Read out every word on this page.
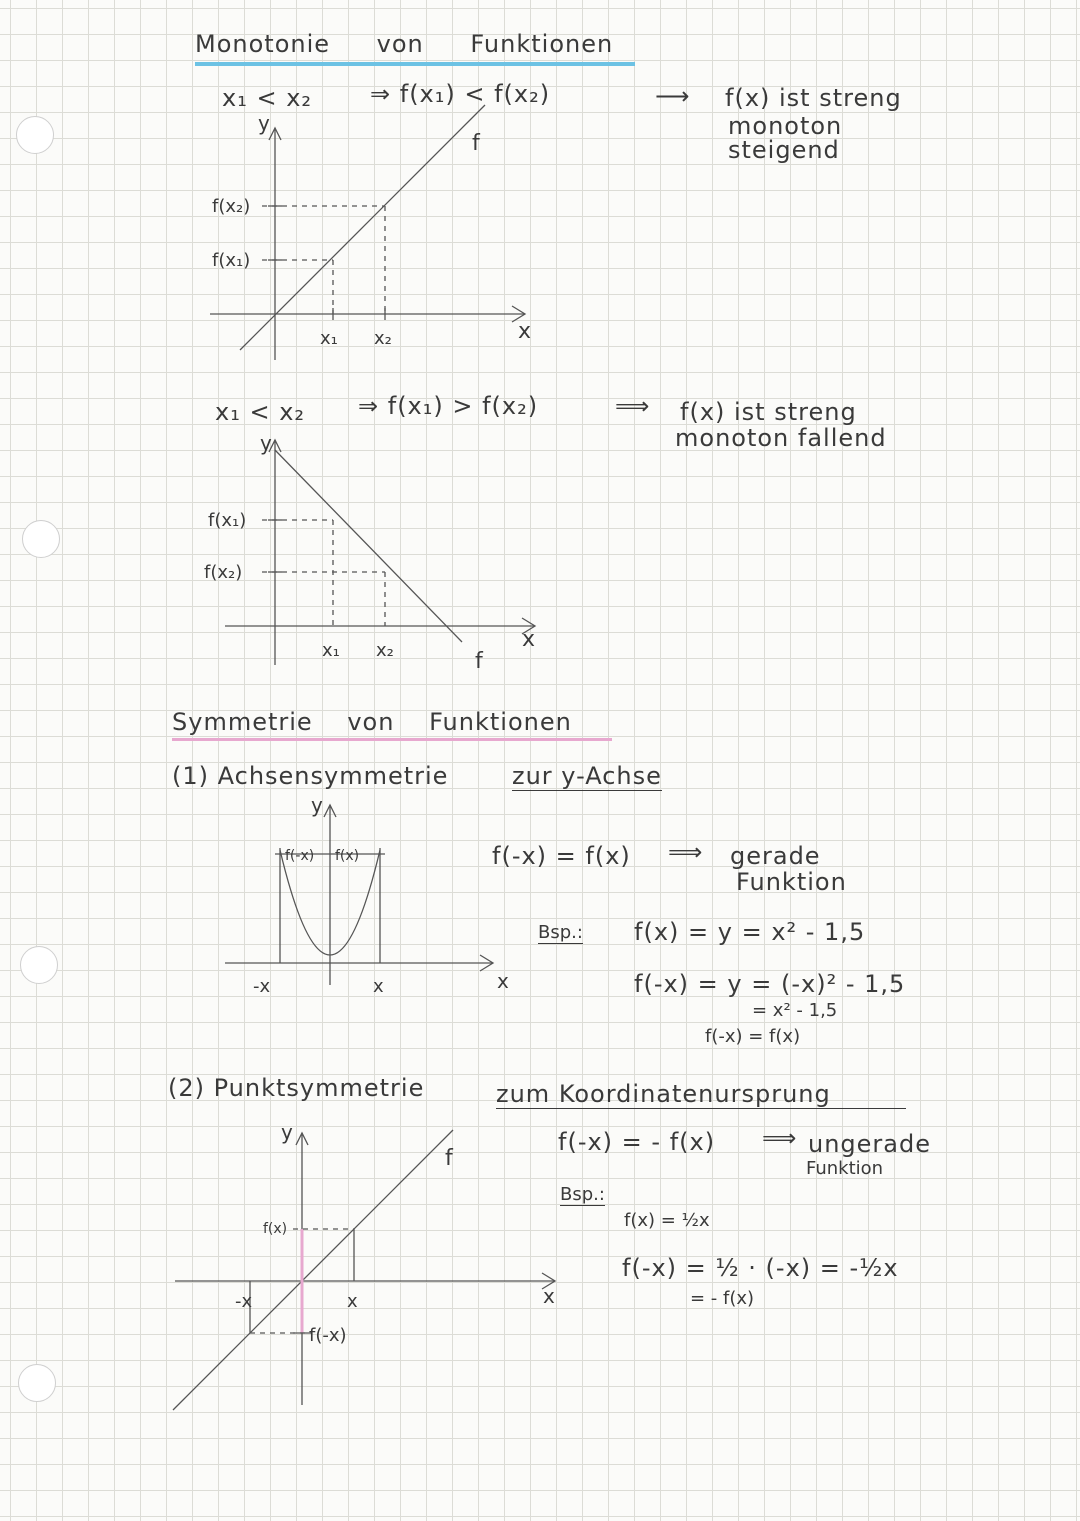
Monotonie von Funktionen
x₁ < x₂ ⇒ f(x₁) < f(x₂)	⟶ f(x) ist streng
monoton
steigend
y
f
x
f(x₂)
f(x₁)
x₁ x₂
x₁ < x₂ ⇒ f(x₁) > f(x₂)	⟹ f(x) ist streng
monoton fallend
y
x
f
f(x₁)
f(x₂)
x₁ x₂
Symmetrie von Funktionen
(1) Achsensymmetrie	zur y-Achse
y
f(-x) f(x)
-x	x	x
f(-x) = f(x) ⟹ gerade
Funktion
Bsp.: f(x) = y = x² - 1,5
f(-x) = y = (-x)² - 1,5
= x² - 1,5
f(-x) = f(x)
(2) Punktsymmetrie	zum Koordinatenursprung
f(-x) = - f(x) ⟹ ungerade
Funktion
Bsp.:
f(x) = ½x
f(-x) = ½ · (-x) = -½x
= - f(x)
y
f
f(x)
-x	x
f(-x)
x
